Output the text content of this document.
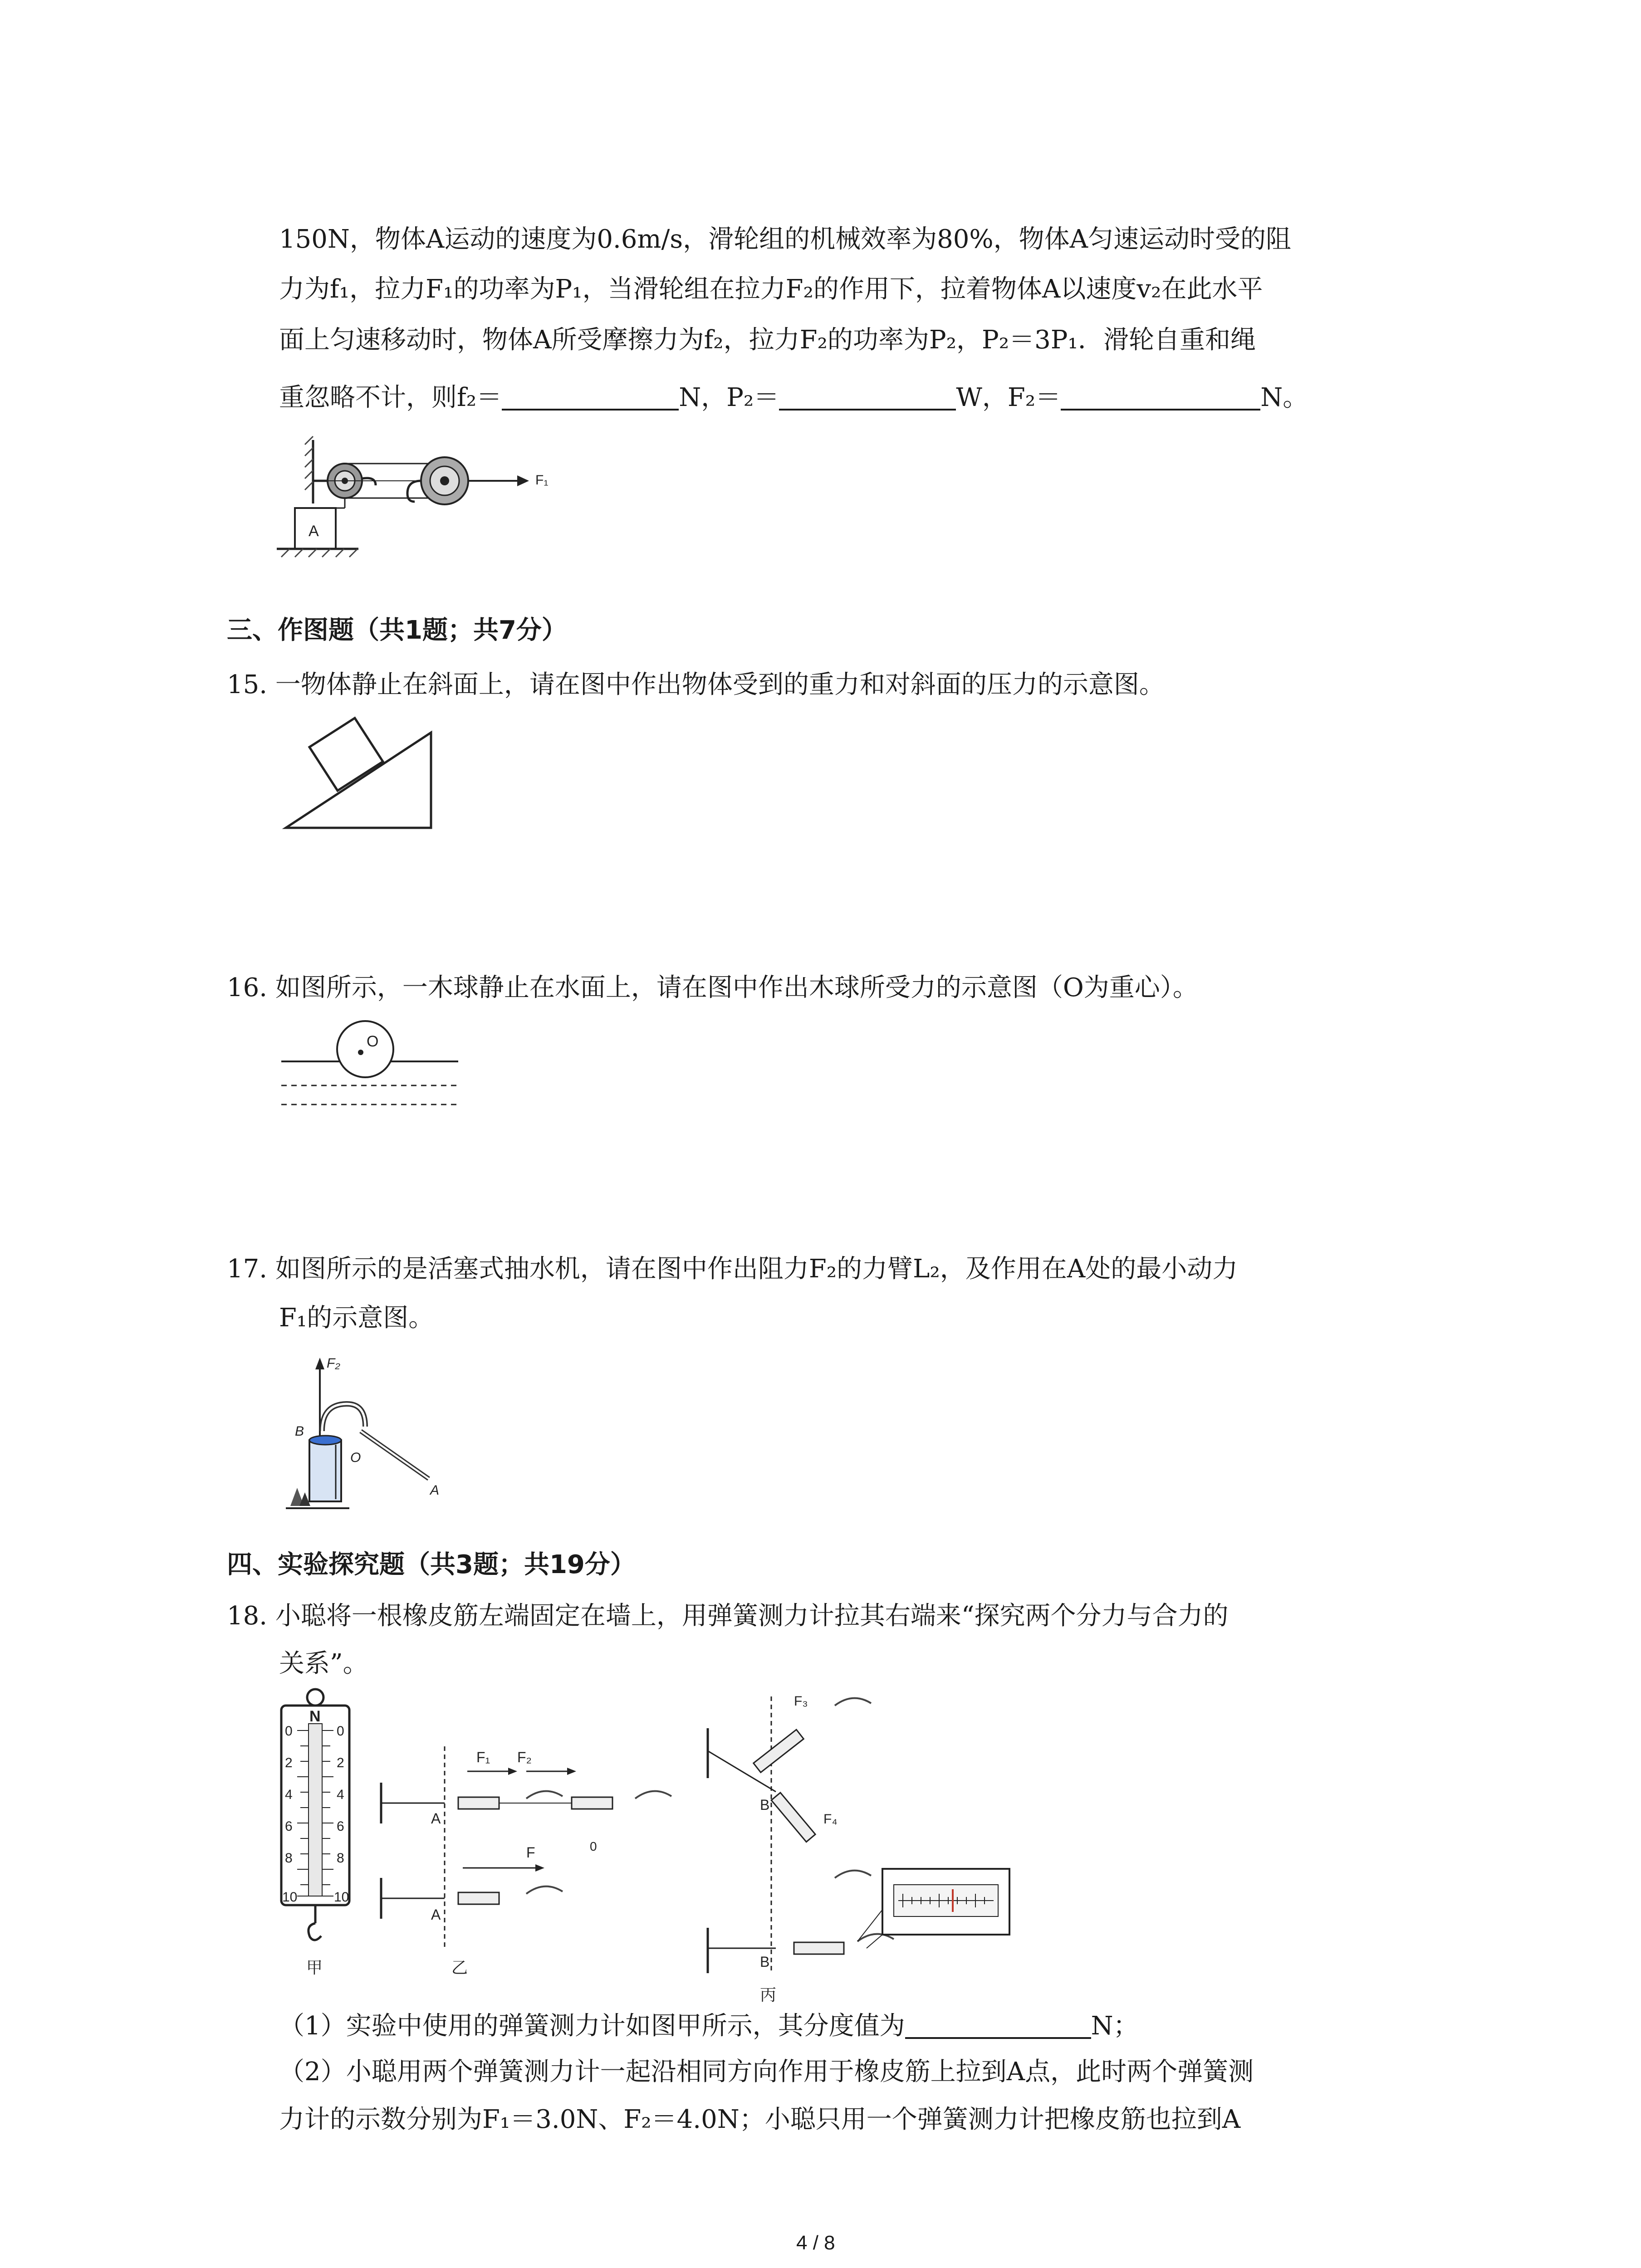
150N，物体A运动的速度为0.6m/s，滑轮组的机械效率为80%，物体A匀速运动时受的阻
力为f₁，拉力F₁的功率为P₁，当滑轮组在拉力F₂的作用下，拉着物体A以速度v₂在此水平
面上匀速移动时，物体A所受摩擦力为f₂，拉力F₂的功率为P₂，P₂＝3P₁．滑轮自重和绳
重忽略不计，则f₂＝	N，P₂＝	W，F₂＝	N。
F₁
A
三、作图题（共1题；共7分）
15. 一物体静止在斜面上，请在图中作出物体受到的重力和对斜面的压力的示意图。
16. 如图所示，一木球静止在水面上，请在图中作出木球所受力的示意图（O为重心）。
O
17. 如图所示的是活塞式抽水机，请在图中作出阻力F₂的力臂L₂，及作用在A处的最小动力
F₁的示意图。
F₂
B
O
A
四、实验探究题（共3题；共19分）
18. 小聪将一根橡皮筋左端固定在墙上，用弹簧测力计拉其右端来“探究两个分力与合力的
关系”。
N
0
2
4
6
8
10
0
2
4
6
8
10
甲
A
A
F₁ F₂
F	0
乙
B
B
F₃
F₄
丙
（1）实验中使用的弹簧测力计如图甲所示，其分度值为	N；
（2）小聪用两个弹簧测力计一起沿相同方向作用于橡皮筋上拉到A点，此时两个弹簧测
力计的示数分别为F₁＝3.0N、F₂＝4.0N；小聪只用一个弹簧测力计把橡皮筋也拉到A
4 / 8
